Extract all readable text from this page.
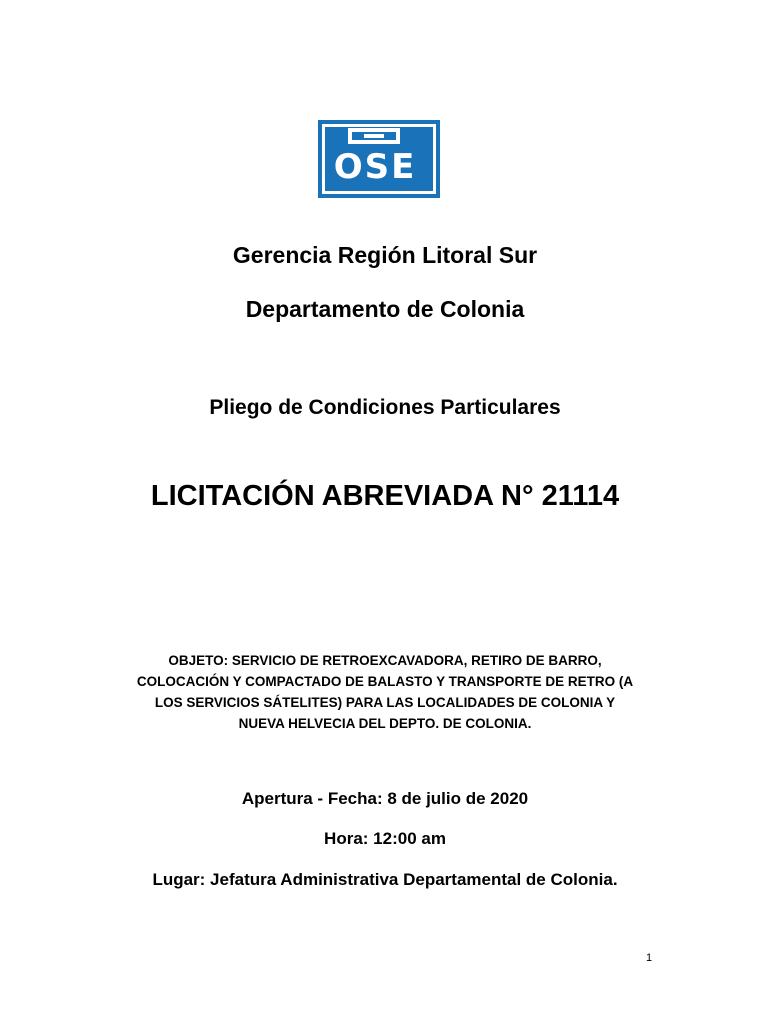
OSE
Gerencia Región Litoral Sur
Departamento de Colonia
Pliego de Condiciones Particulares
LICITACIÓN ABREVIADA N° 21114
OBJETO: SERVICIO DE RETROEXCAVADORA, RETIRO DE BARRO,
COLOCACIÓN Y COMPACTADO DE BALASTO Y TRANSPORTE DE RETRO (A
LOS SERVICIOS SÁTELITES) PARA LAS LOCALIDADES DE COLONIA Y
NUEVA HELVECIA DEL DEPTO. DE COLONIA.
Apertura - Fecha: 8 de julio de 2020
Hora: 12:00 am
Lugar: Jefatura Administrativa Departamental de Colonia.
1
